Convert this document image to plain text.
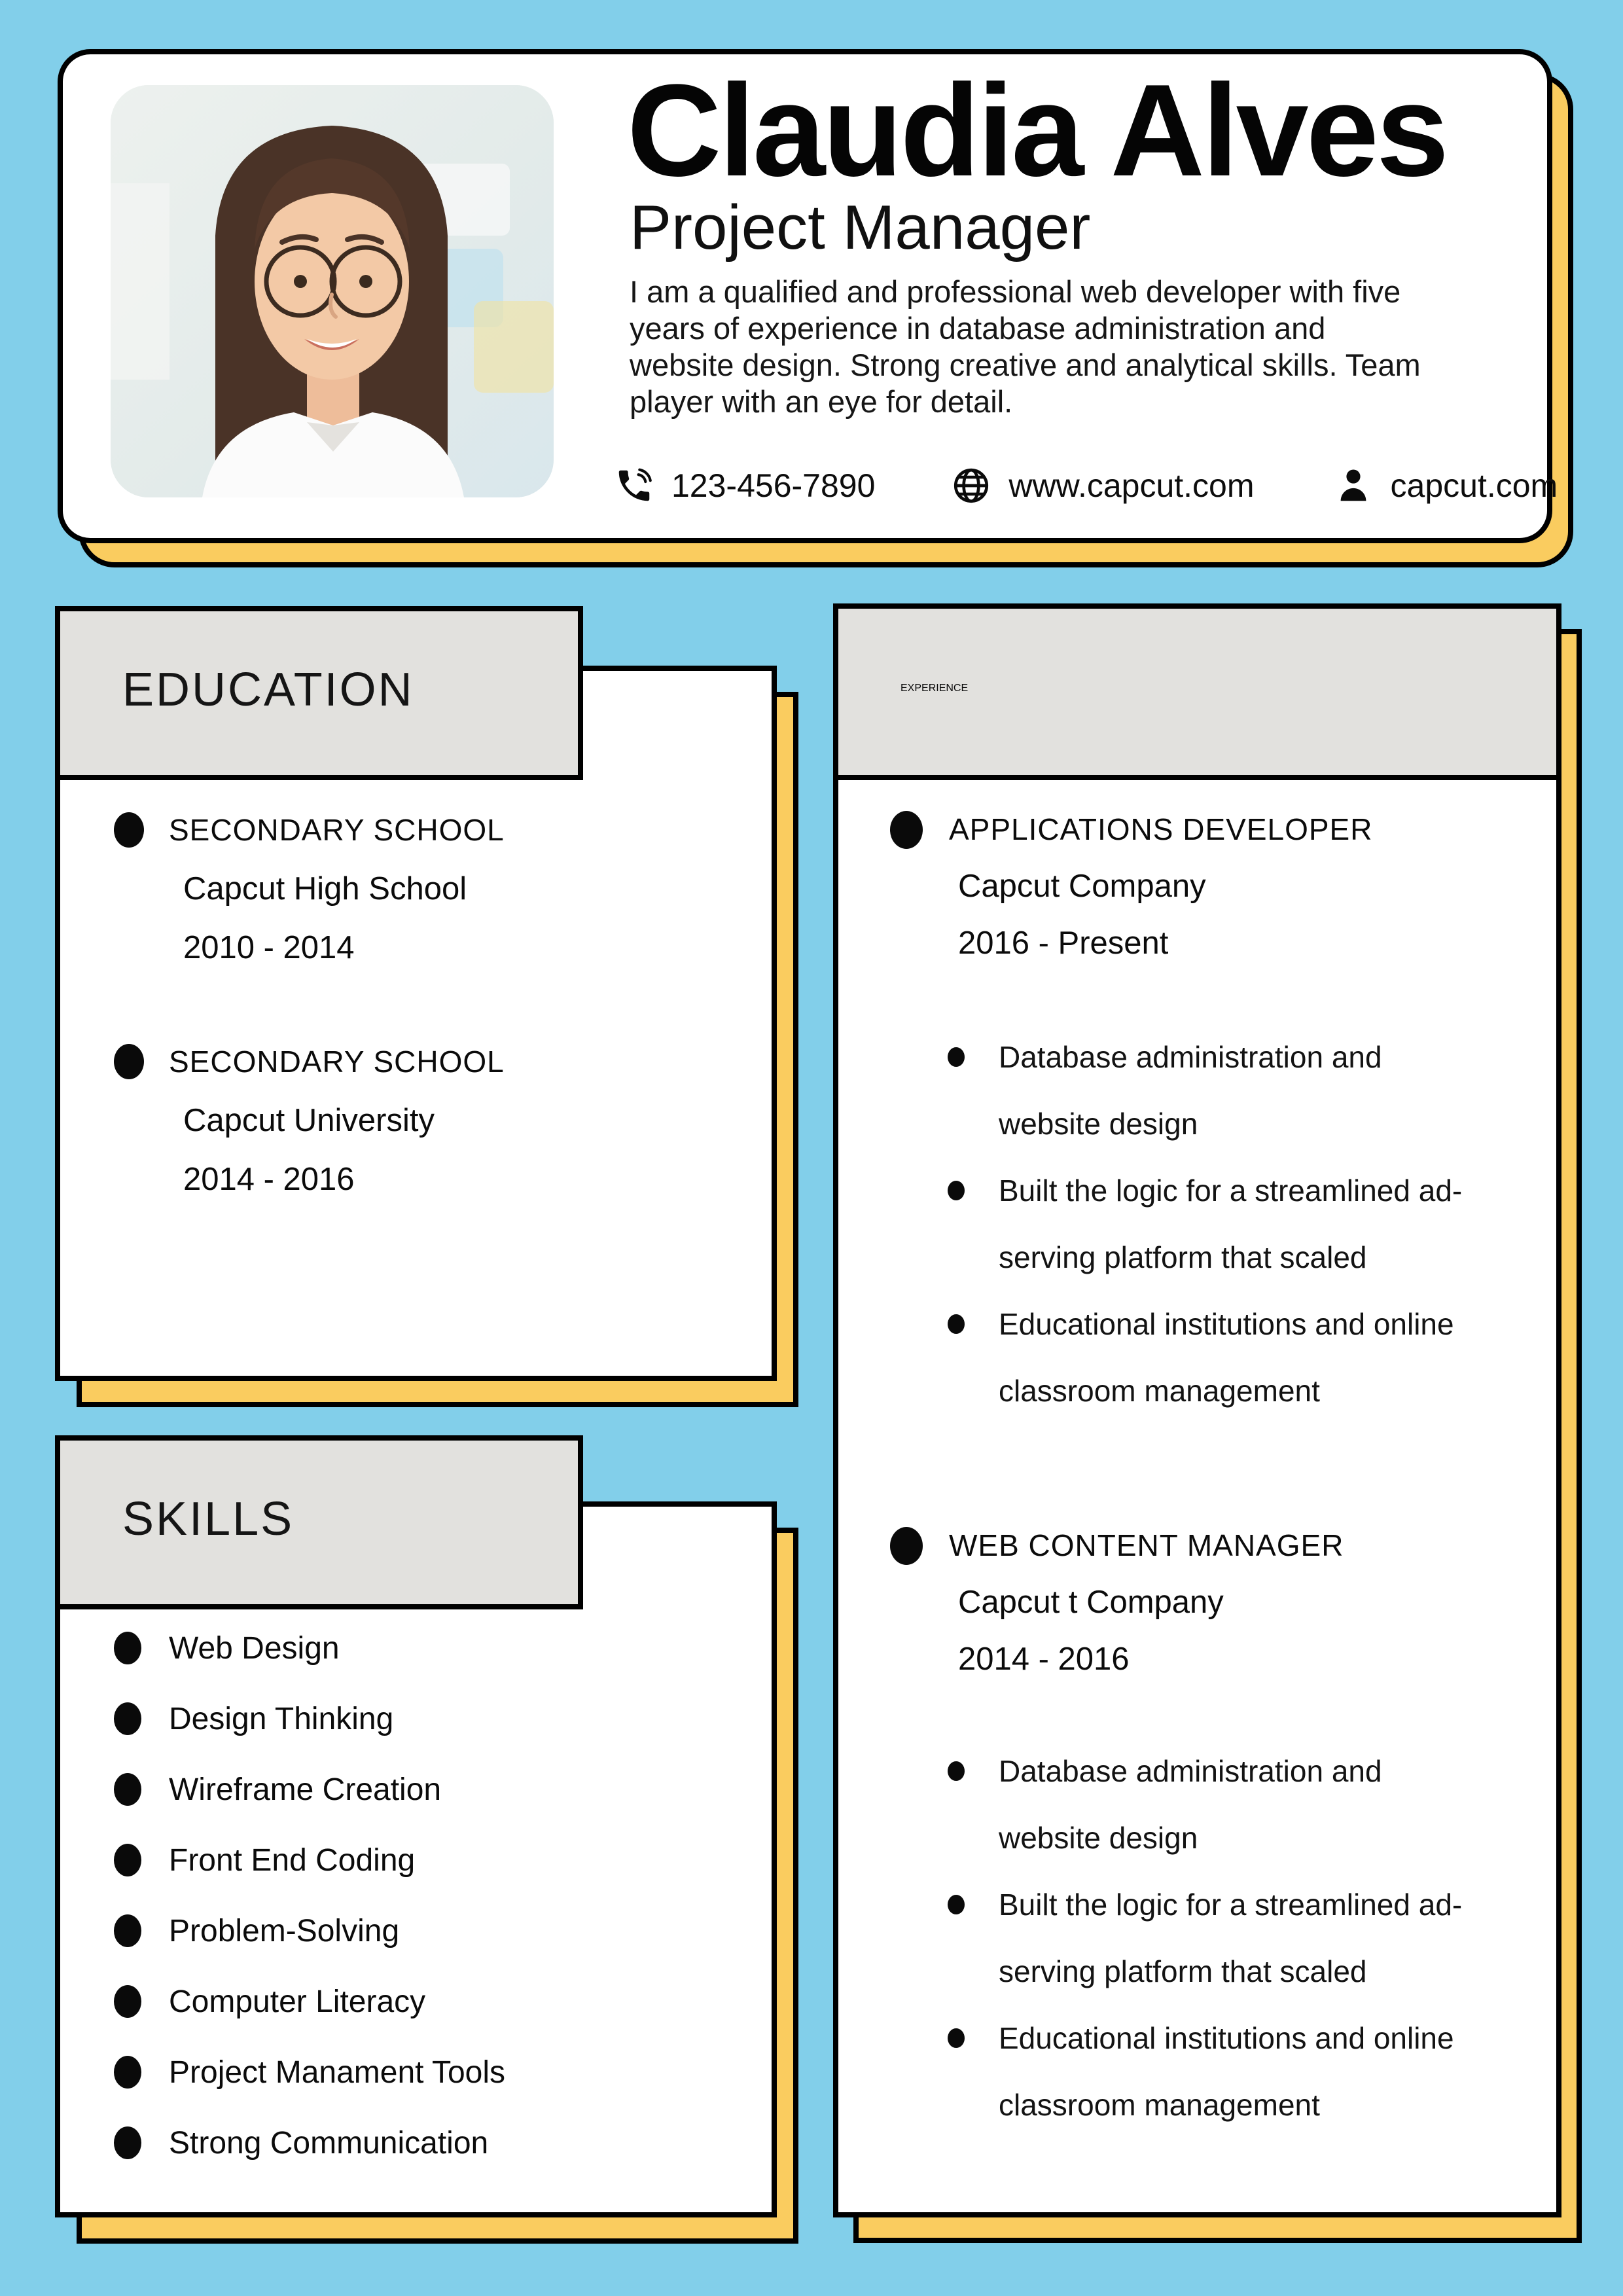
Claudia Alves
Project Manager
I am a qualified and professional web developer with five
years of experience in database administration and
website design. Strong creative and analytical skills. Team
player with an eye for detail.
123-456-7890	www.capcut.com	capcut.com
EDUCATION
SECONDARY SCHOOL
Capcut High School
2010 - 2014
SECONDARY SCHOOL
Capcut University
2014 - 2016
SKILLS
Web Design
Design Thinking
Wireframe Creation
Front End Coding
Problem-Solving
Computer Literacy
Project Manament Tools
Strong Communication
EXPERIENCE
APPLICATIONS DEVELOPER
Capcut Company
2016 - Present
Database administration and
website design
Built the logic for a streamlined ad-
serving platform that scaled
Educational institutions and online
classroom management
WEB CONTENT MANAGER
Capcut t Company
2014 - 2016
Database administration and
website design
Built the logic for a streamlined ad-
serving platform that scaled
Educational institutions and online
classroom management
